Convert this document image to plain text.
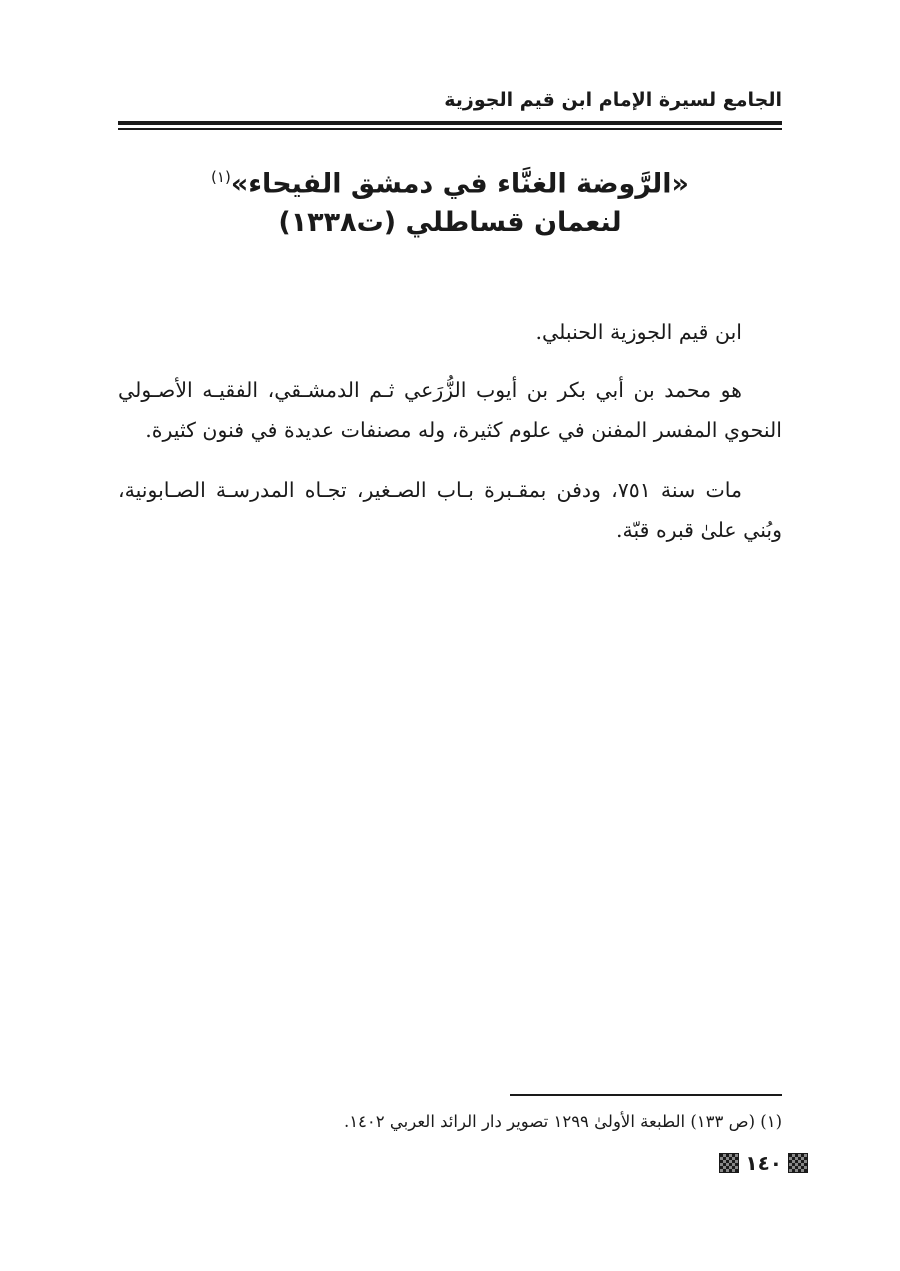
الجامع لسيرة الإمام ابن قيم الجوزية
«الرَّوضة الغنَّاء في دمشق الفيحاء»$^{(١)}$
لنعمان قساطلي (ت١٣٣٨)

ابن قيم الجوزية الحنبلي.

هو محمد بن أبي بكر بن أيوب الزُّرَعي ثـم الدمشـقي، الفقيـه الأصـولي النحوي المفسر المفنن في علوم كثيرة، وله مصنفات عديدة في فنون كثيرة.

مات سنة ٧٥١، ودفن بمقـبرة بـاب الصـغير، تجـاه المدرسـة الصـابونية، وبُني علىٰ قبره قبّة.

(١) (ص ١٣٣) الطبعة الأولىٰ ١٢٩٩ تصوير دار الرائد العربي ١٤٠٢.
١٤٠
